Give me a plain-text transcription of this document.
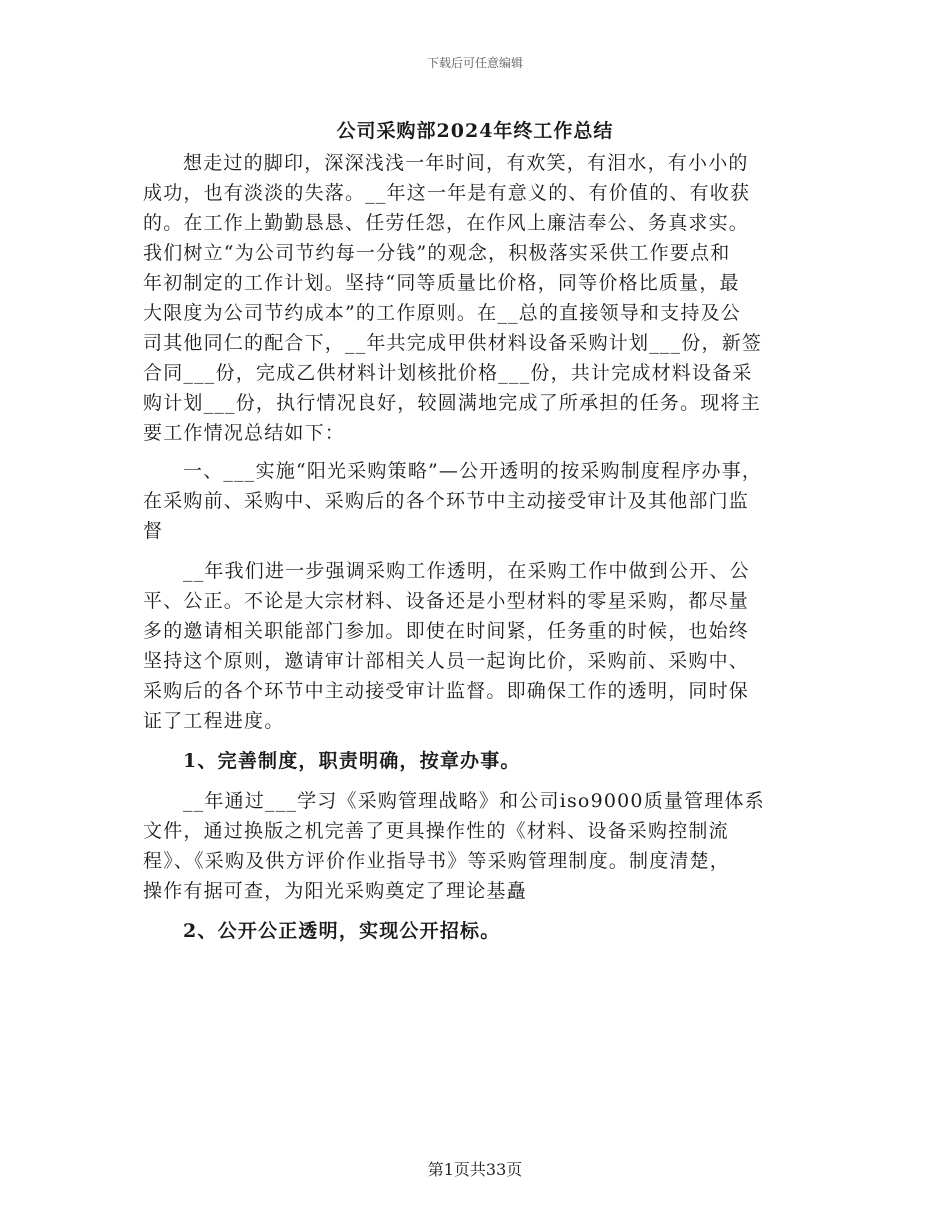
下载后可任意编辑
公司采购部2024年终工作总结
想走过的脚印，深深浅浅一年时间，有欢笑，有泪水，有小小的
成功，也有淡淡的失落。__年这一年是有意义的、有价值的、有收获
的。在工作上勤勤恳恳、任劳任怨，在作风上廉洁奉公、务真求实。
我们树立“为公司节约每一分钱”的观念，积极落实采供工作要点和
年初制定的工作计划。坚持“同等质量比价格，同等价格比质量，最
大限度为公司节约成本”的工作原则。在__总的直接领导和支持及公
司其他同仁的配合下，__年共完成甲供材料设备采购计划___份，新签
合同___份，完成乙供材料计划核批价格___份，共计完成材料设备采
购计划___份，执行情况良好，较圆满地完成了所承担的任务。现将主
要工作情况总结如下：
一、___实施“阳光采购策略”—公开透明的按采购制度程序办事，
在采购前、采购中、采购后的各个环节中主动接受审计及其他部门监
督
__年我们进一步强调采购工作透明，在采购工作中做到公开、公
平、公正。不论是大宗材料、设备还是小型材料的零星采购，都尽量
多的邀请相关职能部门参加。即使在时间紧，任务重的时候，也始终
坚持这个原则，邀请审计部相关人员一起询比价，采购前、采购中、
采购后的各个环节中主动接受审计监督。即确保工作的透明，同时保
证了工程进度。
1、完善制度，职责明确，按章办事。
__年通过___学习《采购管理战略》和公司iso9000质量管理体系
文件，通过换版之机完善了更具操作性的《材料、设备采购控制流
程》、《采购及供方评价作业指导书》等采购管理制度。制度清楚，
操作有据可查，为阳光采购奠定了理论基矗
2、公开公正透明，实现公开招标。
第1页共33页
